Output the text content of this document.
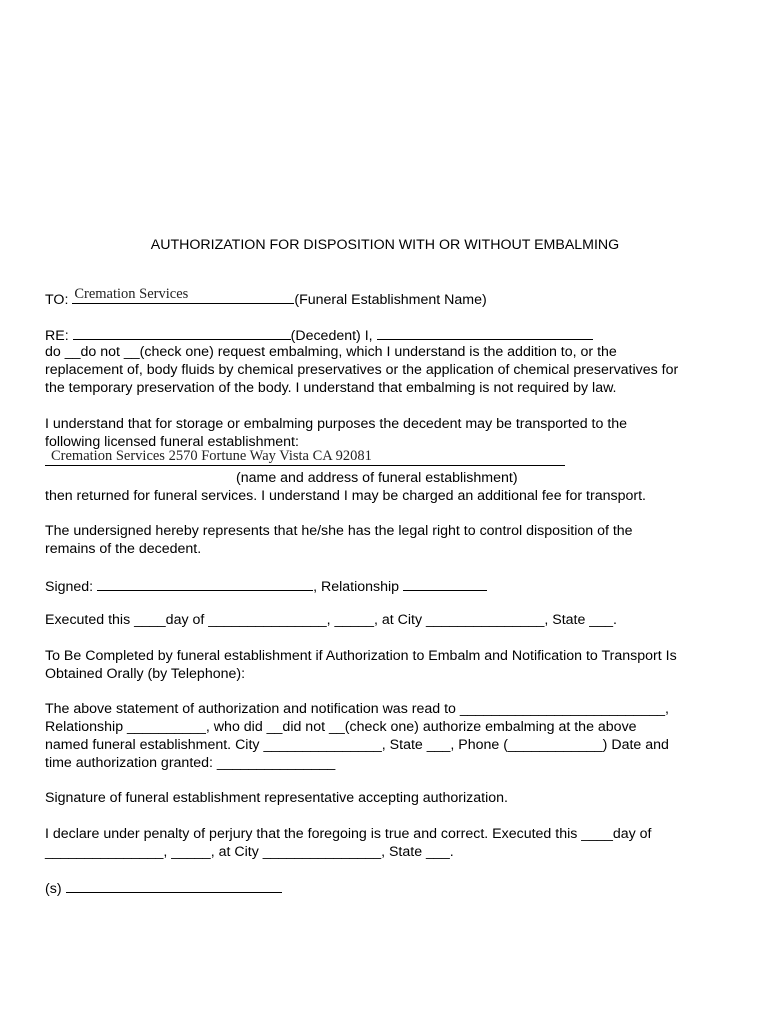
AUTHORIZATION FOR DISPOSITION WITH OR WITHOUT EMBALMING
TO: Cremation Services	(Funeral Establishment Name)
RE:	(Decedent) I,
do __do not __(check one) request embalming, which I understand is the addition to, or the
replacement of, body fluids by chemical preservatives or the application of chemical preservatives for
the temporary preservation of the body. I understand that embalming is not required by law.
I understand that for storage or embalming purposes the decedent may be transported to the
following licensed funeral establishment:
Cremation Services 2570 Fortune Way Vista CA 92081
(name and address of funeral establishment)
then returned for funeral services. I understand I may be charged an additional fee for transport.
The undersigned hereby represents that he/she has the legal right to control disposition of the
remains of the decedent.
Signed:	, Relationship
Executed this ____day of _______________, _____, at City _______________, State ___.
To Be Completed by funeral establishment if Authorization to Embalm and Notification to Transport Is
Obtained Orally (by Telephone):
The above statement of authorization and notification was read to __________________________,
Relationship __________, who did __did not __(check one) authorize embalming at the above
named funeral establishment. City _______________, State ___, Phone (____________) Date and
time authorization granted: _______________
Signature of funeral establishment representative accepting authorization.
I declare under penalty of perjury that the foregoing is true and correct. Executed this ____day of
_______________, _____, at City _______________, State ___.
(s)
